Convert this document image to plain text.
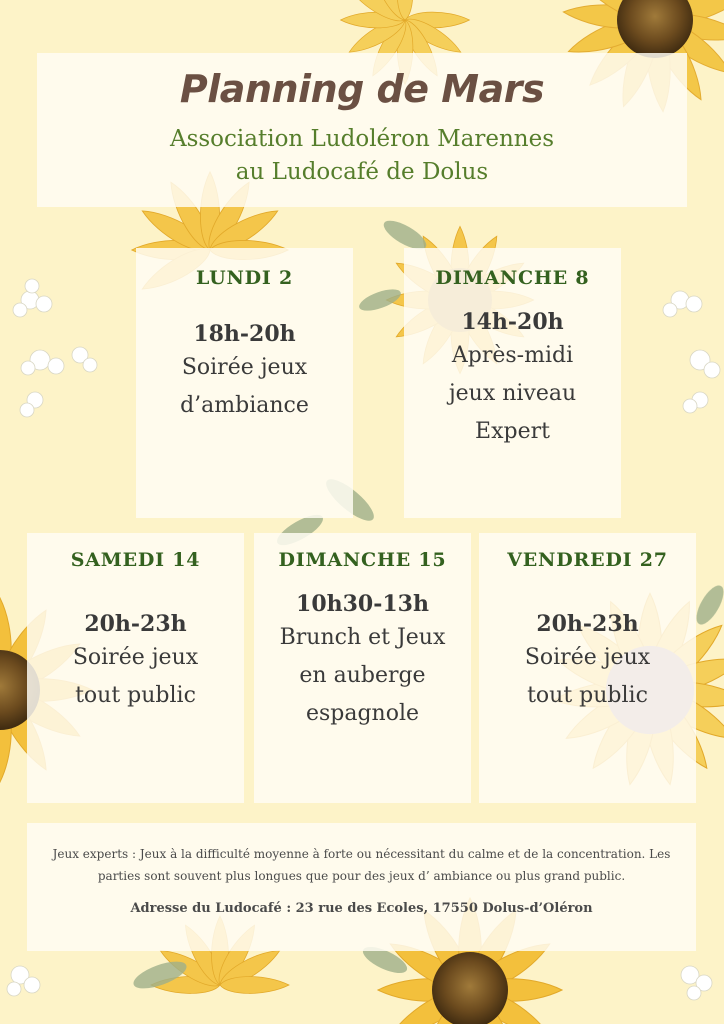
Planning de Mars
Association Ludoléron Marennes
au Ludocafé de Dolus
LUNDI 2
18h-20h
Soirée jeux
d’ambiance
DIMANCHE 8
14h-20h
Après-midi
jeux niveau
Expert
SAMEDI 14
20h-23h
Soirée jeux
tout public
DIMANCHE 15
10h30-13h
Brunch et Jeux
en auberge
espagnole
VENDREDI 27
20h-23h
Soirée jeux
tout public
Jeux experts : Jeux à la difficulté moyenne à forte ou nécessitant du calme et de la concentration. Les
parties sont souvent plus longues que pour des jeux d’ ambiance ou plus grand public.
Adresse du Ludocafé : 23 rue des Ecoles, 17550 Dolus-d’Oléron
